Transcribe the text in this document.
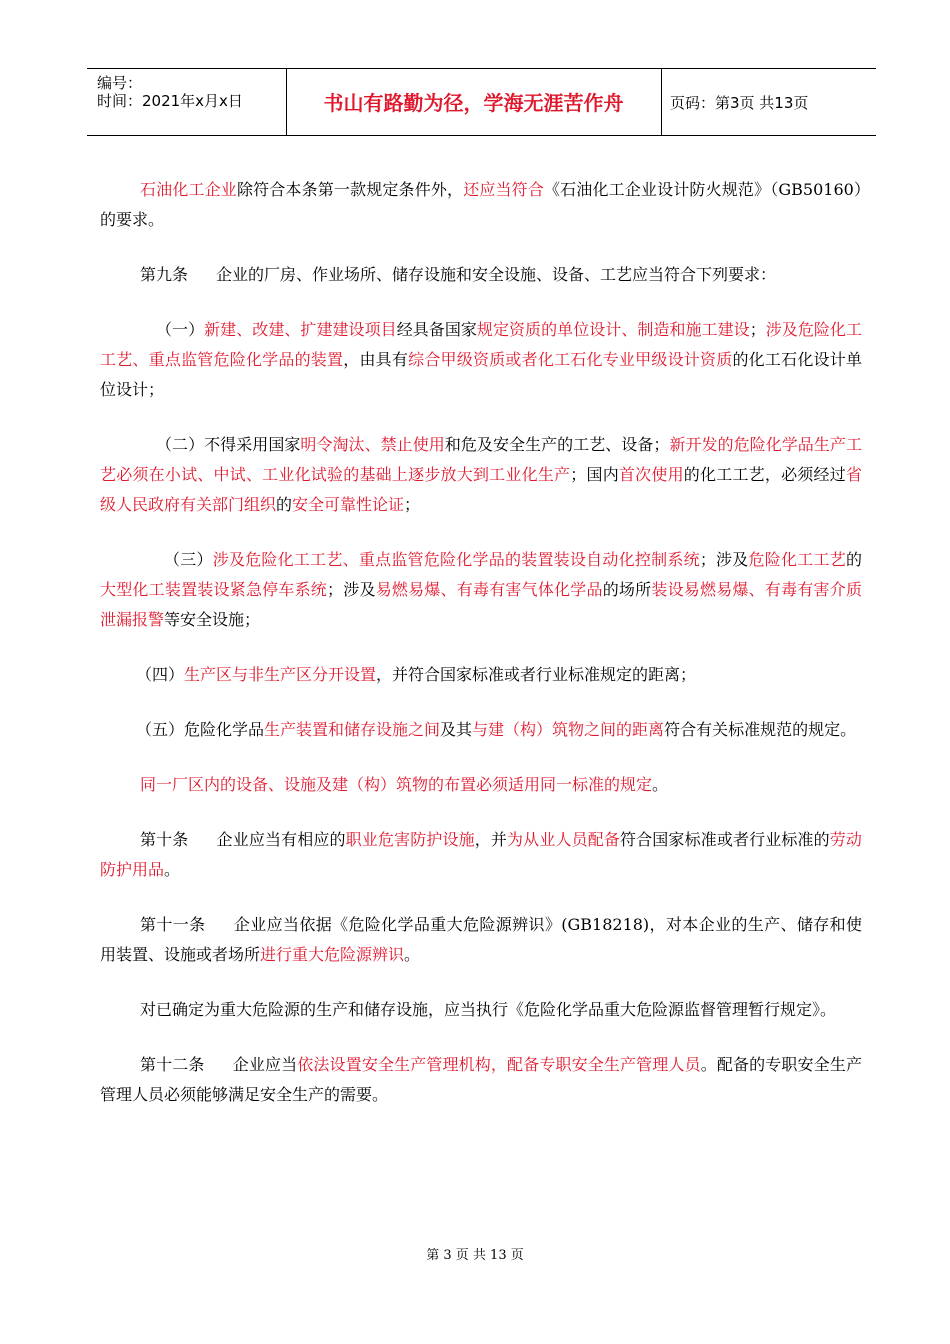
编号：
时间：2021年x月x日	书山有路勤为径，学海无涯苦作舟	页码：第3页 共13页

石油化工企业除符合本条第一款规定条件外，还应当符合《石油化工企业设计防火规范》（GB50160）的要求。

第九条 企业的厂房、作业场所、储存设施和安全设施、设备、工艺应当符合下列要求：

（一）新建、改建、扩建建设项目经具备国家规定资质的单位设计、制造和施工建设；涉及危险化工工艺、重点监管危险化学品的装置，由具有综合甲级资质或者化工石化专业甲级设计资质的化工石化设计单位设计；

（二）不得采用国家明令淘汰、禁止使用和危及安全生产的工艺、设备；新开发的危险化学品生产工艺必须在小试、中试、工业化试验的基础上逐步放大到工业化生产；国内首次使用的化工工艺，必须经过省级人民政府有关部门组织的安全可靠性论证；

（三）涉及危险化工工艺、重点监管危险化学品的装置装设自动化控制系统；涉及危险化工工艺的大型化工装置装设紧急停车系统；涉及易燃易爆、有毒有害气体化学品的场所装设易燃易爆、有毒有害介质泄漏报警等安全设施；

（四）生产区与非生产区分开设置，并符合国家标准或者行业标准规定的距离；

（五）危险化学品生产装置和储存设施之间及其与建（构）筑物之间的距离符合有关标准规范的规定。

同一厂区内的设备、设施及建（构）筑物的布置必须适用同一标准的规定。

第十条 企业应当有相应的职业危害防护设施，并为从业人员配备符合国家标准或者行业标准的劳动防护用品。

第十一条 企业应当依据《危险化学品重大危险源辨识》(GB18218)，对本企业的生产、储存和使用装置、设施或者场所进行重大危险源辨识。

对已确定为重大危险源的生产和储存设施，应当执行《危险化学品重大危险源监督管理暂行规定》。

第十二条 企业应当依法设置安全生产管理机构，配备专职安全生产管理人员。配备的专职安全生产管理人员必须能够满足安全生产的需要。

第 3 页 共 13 页
